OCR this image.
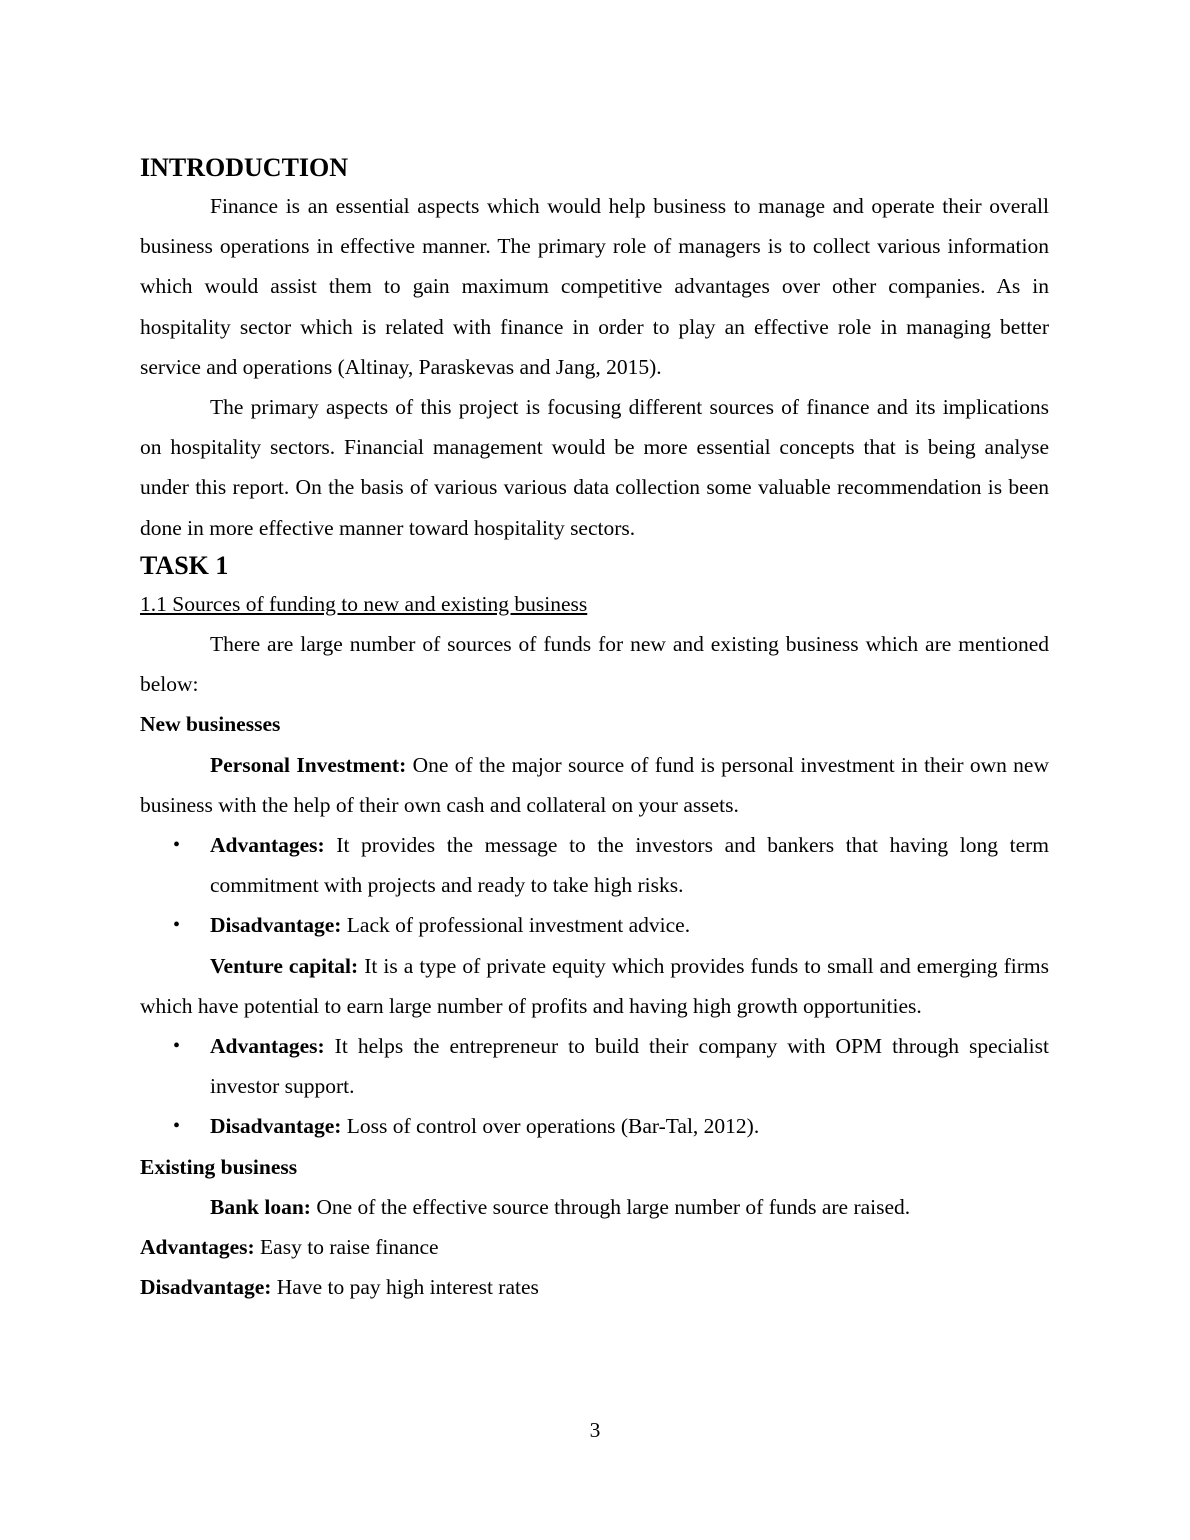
INTRODUCTION

Finance is an essential aspects which would help business to manage and operate their overall business operations in effective manner. The primary role of managers is to collect various information which would assist them to gain maximum competitive advantages over other companies. As in hospitality sector which is related with finance in order to play an effective role in managing better service and operations (Altinay, Paraskevas and Jang, 2015).

The primary aspects of this project is focusing different sources of finance and its implications on hospitality sectors. Financial management would be more essential concepts that is being analyse under this report. On the basis of various various data collection some valuable recommendation is been done in more effective manner toward hospitality sectors.

TASK 1

1.1 Sources of funding to new and existing business

There are large number of sources of funds for new and existing business which are mentioned below:

New businesses

Personal Investment: One of the major source of fund is personal investment in their own new business with the help of their own cash and collateral on your assets.

• Advantages: It provides the message to the investors and bankers that having long term commitment with projects and ready to take high risks.
• Disadvantage: Lack of professional investment advice.

Venture capital: It is a type of private equity which provides funds to small and emerging firms which have potential to earn large number of profits and having high growth opportunities.

• Advantages: It helps the entrepreneur to build their company with OPM through specialist investor support.
• Disadvantage: Loss of control over operations (Bar-Tal, 2012).

Existing business

Bank loan: One of the effective source through large number of funds are raised.

Advantages: Easy to raise finance

Disadvantage: Have to pay high interest rates

3
